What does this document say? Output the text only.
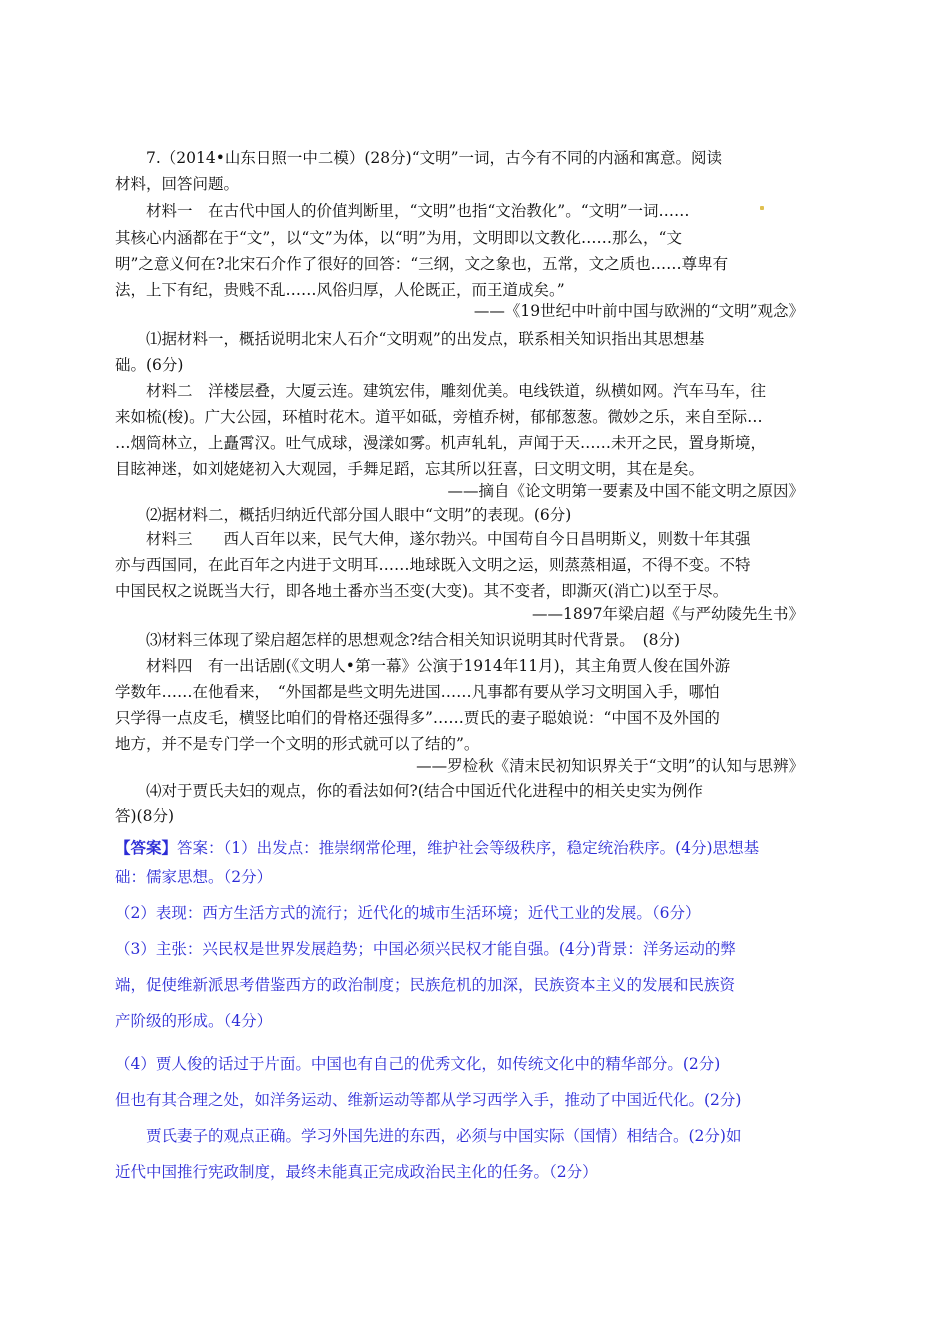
7.（2014•山东日照一中二模）(28分)“文明”一词，古今有不同的内涵和寓意。阅读

材料，回答问题。

材料一　在古代中国人的价值判断里，“文明”也指“文治教化”。“文明”一词……

其核心内涵都在于“文”，以“文”为体，以“明”为用，文明即以文教化……那么，“文

明”之意义何在?北宋石介作了很好的回答：“三纲，文之象也，五常，文之质也……尊卑有

法，上下有纪，贵贱不乱……风俗归厚，人伦既正，而王道成矣。”

——《19世纪中叶前中国与欧洲的“文明”观念》

⑴据材料一，概括说明北宋人石介“文明观”的出发点，联系相关知识指出其思想基

础。(6分)

材料二　洋楼层叠，大厦云连。建筑宏伟，雕刻优美。电线铁道，纵横如网。汽车马车，往

来如梳(梭)。广大公园，环植时花木。道平如砥，旁植乔树，郁郁葱葱。微妙之乐，来自至际…

…烟筒林立，上矗霄汉。吐气成球，漫漾如雾。机声轧轧，声闻于天……未开之民，置身斯境，

目眩神迷，如刘姥姥初入大观园，手舞足蹈，忘其所以狂喜，曰文明文明，其在是矣。

——摘自《论文明第一要素及中国不能文明之原因》

⑵据材料二，概括归纳近代部分国人眼中“文明”的表现。(6分)

材料三　　西人百年以来，民气大伸，遂尔勃兴。中国苟自今日昌明斯义，则数十年其强

亦与西国同，在此百年之内进于文明耳……地球既入文明之运，则蒸蒸相逼，不得不变。不特

中国民权之说既当大行，即各地土番亦当丕变(大变)。其不变者，即澌灭(消亡)以至于尽。

——1897年梁启超《与严幼陵先生书》

⑶材料三体现了梁启超怎样的思想观念?结合相关知识说明其时代背景。　(8分)

材料四　有一出话剧(《文明人•第一幕》公演于1914年11月)，其主角贾人俊在国外游

学数年……在他看来，　“外国都是些文明先进国……凡事都有要从学习文明国入手，哪怕

只学得一点皮毛，横竖比咱们的骨格还强得多”……贾氏的妻子聪娘说：“中国不及外国的

地方，并不是专门学一个文明的形式就可以了结的”。

——罗检秋《清末民初知识界关于“文明”的认知与思辨》

⑷对于贾氏夫妇的观点，你的看法如何?(结合中国近代化进程中的相关史实为例作

答)(8分)

【答案】答案：（1）出发点：推崇纲常伦理，维护社会等级秩序，稳定统治秩序。(4分)思想基

础：儒家思想。（2分）

（2）表现：西方生活方式的流行；近代化的城市生活环境；近代工业的发展。（6分）

（3）主张：兴民权是世界发展趋势；中国必须兴民权才能自强。(4分)背景：洋务运动的弊

端，促使维新派思考借鉴西方的政治制度；民族危机的加深，民族资本主义的发展和民族资

产阶级的形成。（4分）

（4）贾人俊的话过于片面。中国也有自己的优秀文化，如传统文化中的精华部分。(2分)

但也有其合理之处，如洋务运动、维新运动等都从学习西学入手，推动了中国近代化。(2分)

贾氏妻子的观点正确。学习外国先进的东西，必须与中国实际（国情）相结合。(2分)如

近代中国推行宪政制度，最终未能真正完成政治民主化的任务。（2分）
